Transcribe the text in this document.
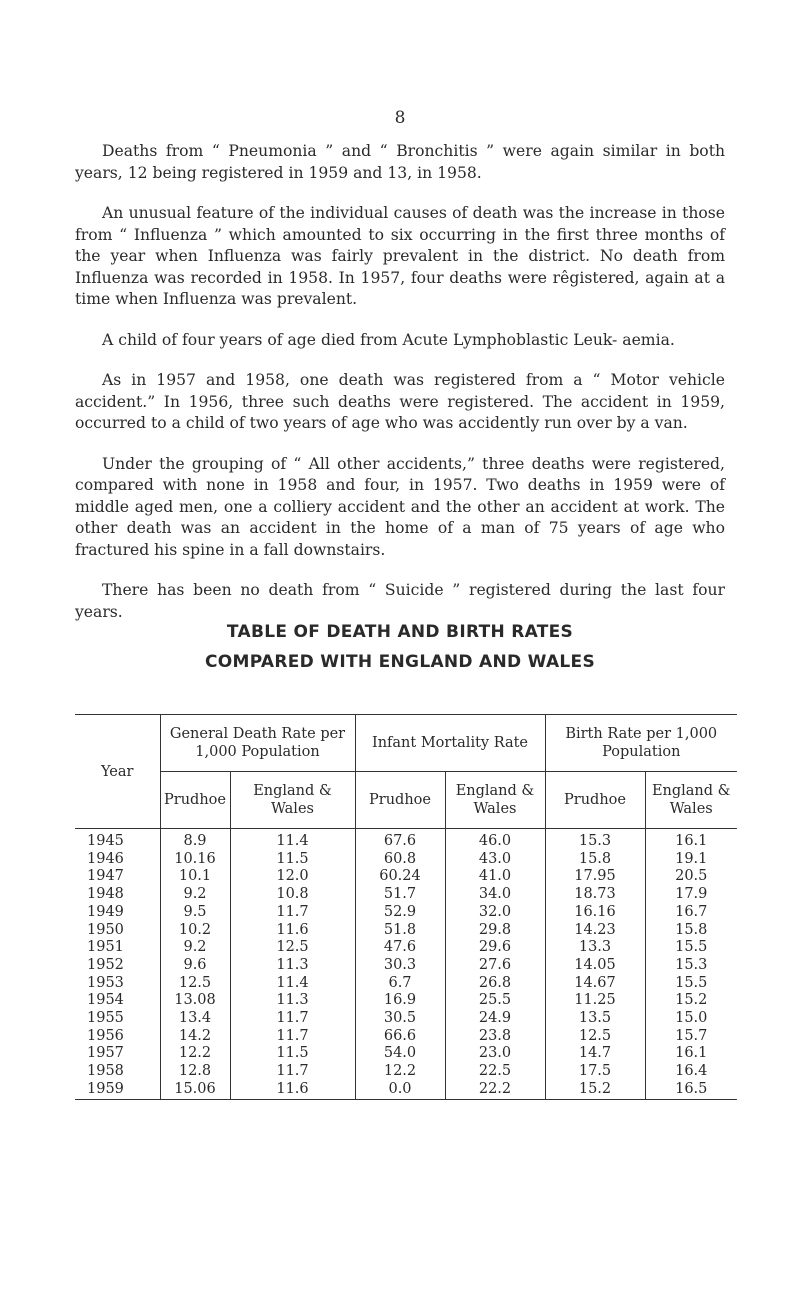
8

Deaths from “ Pneumonia ” and “ Bronchitis ” were again similar in both years, 12 being registered in 1959 and 13, in 1958.

An unusual feature of the individual causes of death was the increase in those from “ Influenza ” which amounted to six occurring in the first three months of the year when Influenza was fairly prevalent in the district. No death from Influenza was recorded in 1958. In 1957, four deaths were rêgistered, again at a time when Influenza was prevalent.

A child of four years of age died from Acute Lymphoblastic Leuk- aemia.

As in 1957 and 1958, one death was registered from a “ Motor vehicle accident.” In 1956, three such deaths were registered. The accident in 1959, occurred to a child of two years of age who was accidently run over by a van.

Under the grouping of “ All other accidents,” three deaths were registered, compared with none in 1958 and four, in 1957. Two deaths in 1959 were of middle aged men, one a colliery accident and the other an accident at work. The other death was an accident in the home of a man of 75 years of age who fractured his spine in a fall downstairs.

There has been no death from “ Suicide ” registered during the last four years.

TABLE OF DEATH AND BIRTH RATES
COMPARED WITH ENGLAND AND WALES
Year	General Death Rate per 1,000 Population		Infant Mortality Rate		Birth Rate per 1,000 Population	
	Prudhoe	England & Wales	Prudhoe	England & Wales	Prudhoe	England & Wales
1945	8.9	11.4	67.6	46.0	15.3	16.1
1946	10.16	11.5	60.8	43.0	15.8	19.1
1947	10.1	12.0	60.24	41.0	17.95	20.5
1948	9.2	10.8	51.7	34.0	18.73	17.9
1949	9.5	11.7	52.9	32.0	16.16	16.7
1950	10.2	11.6	51.8	29.8	14.23	15.8
1951	9.2	12.5	47.6	29.6	13.3	15.5
1952	9.6	11.3	30.3	27.6	14.05	15.3
1953	12.5	11.4	6.7	26.8	14.67	15.5
1954	13.08	11.3	16.9	25.5	11.25	15.2
1955	13.4	11.7	30.5	24.9	13.5	15.0
1956	14.2	11.7	66.6	23.8	12.5	15.7
1957	12.2	11.5	54.0	23.0	14.7	16.1
1958	12.8	11.7	12.2	22.5	17.5	16.4
1959	15.06	11.6	0.0	22.2	15.2	16.5
